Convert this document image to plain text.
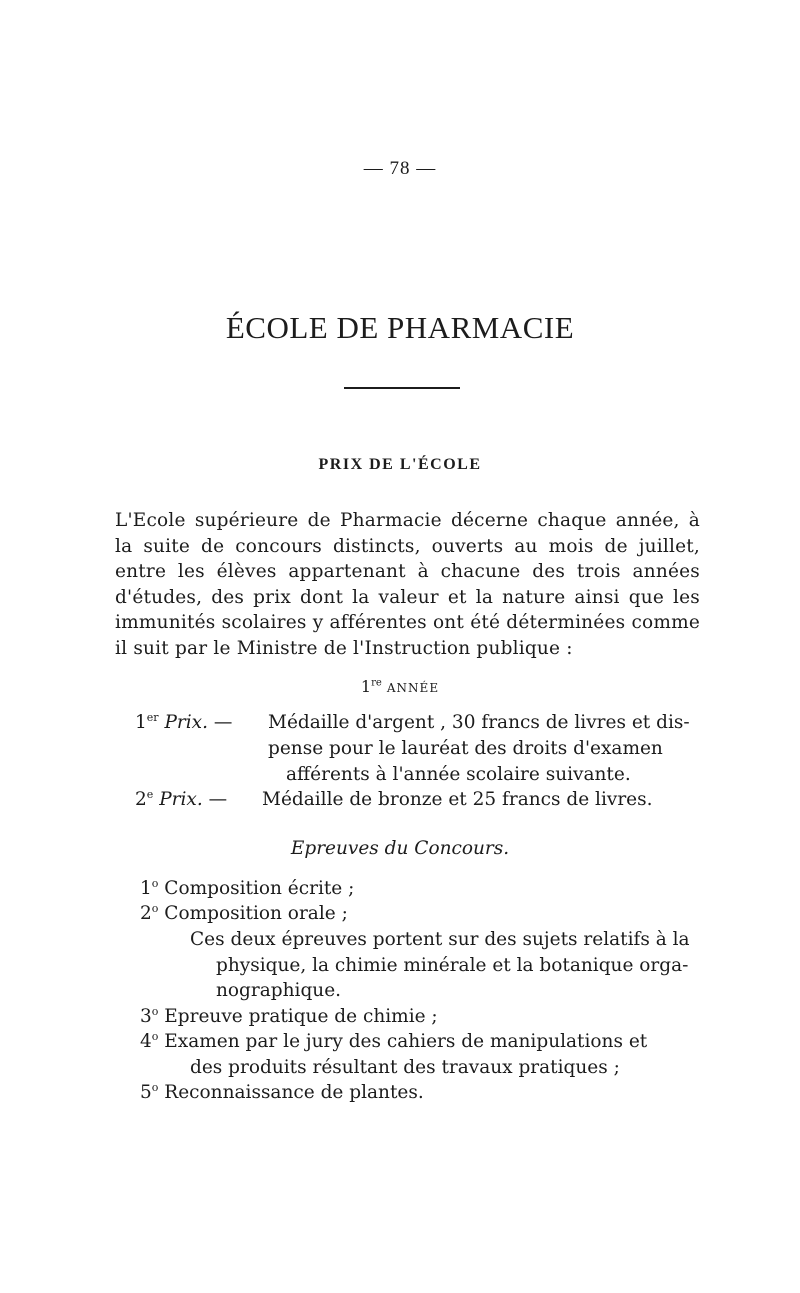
— 78 —
ÉCOLE DE PHARMACIE
PRIX DE L'ÉCOLE
L'Ecole supérieure de Pharmacie décerne chaque année, à
la suite de concours distincts, ouverts au mois de juillet,
entre les élèves appartenant à chacune des trois années
d'études, des prix dont la valeur et la nature ainsi que les
immunités scolaires y afférentes ont été déterminées comme
il suit par le Ministre de l'Instruction publique :
1re ANNÉE
1er Prix. — Médaille d'argent , 30 francs de livres et dis-
pense pour le lauréat des droits d'examen
afférents à l'année scolaire suivante.
2e Prix. — Médaille de bronze et 25 francs de livres.
Epreuves du Concours.
1$^o$ Composition écrite ;
2$^o$ Composition orale ;
Ces deux épreuves portent sur des sujets relatifs à la
physique, la chimie minérale et la botanique orga-
nographique.
3$^o$ Epreuve pratique de chimie ;
4$^o$ Examen par le jury des cahiers de manipulations et
des produits résultant des travaux pratiques ;
5$^o$ Reconnaissance de plantes.
